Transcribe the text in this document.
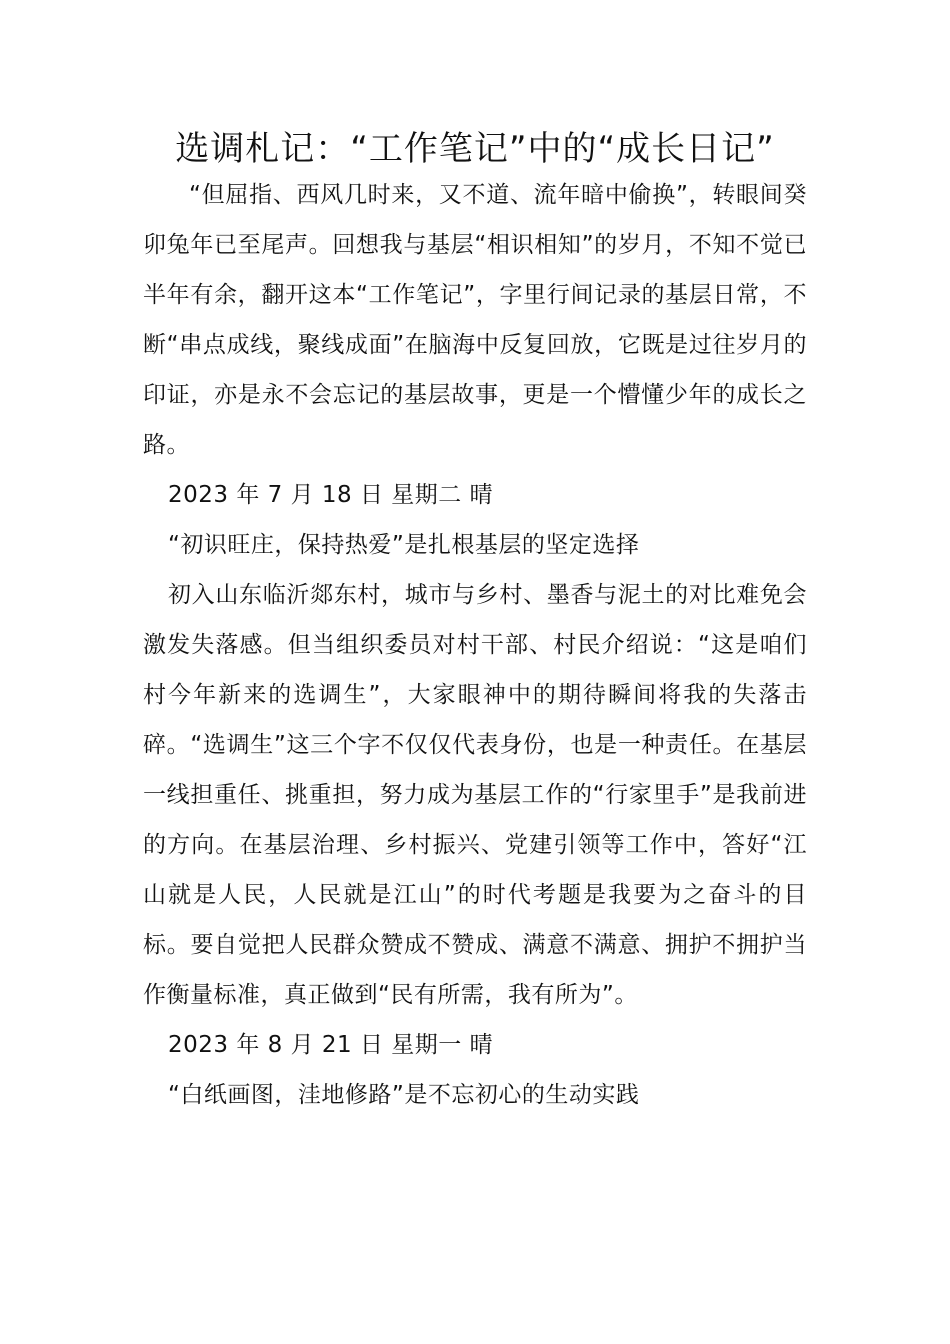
选调札记：“工作笔记”中的“成长日记”

“但屈指、西风几时来，又不道、流年暗中偷换”，转眼间癸卯兔年已至尾声。回想我与基层“相识相知”的岁月，不知不觉已半年有余，翻开这本“工作笔记”，字里行间记录的基层日常，不断“串点成线，聚线成面”在脑海中反复回放，它既是过往岁月的印证，亦是永不会忘记的基层故事，更是一个懵懂少年的成长之路。

2023 年 7 月 18 日 星期二 晴

“初识旺庄，保持热爱”是扎根基层的坚定选择

初入山东临沂郯东村，城市与乡村、墨香与泥土的对比难免会激发失落感。但当组织委员对村干部、村民介绍说：“这是咱们村今年新来的选调生”，大家眼神中的期待瞬间将我的失落击碎。“选调生”这三个字不仅仅代表身份，也是一种责任。在基层一线担重任、挑重担，努力成为基层工作的“行家里手”是我前进的方向。在基层治理、乡村振兴、党建引领等工作中，答好“江山就是人民，人民就是江山”的时代考题是我要为之奋斗的目标。要自觉把人民群众赞成不赞成、满意不满意、拥护不拥护当作衡量标准，真正做到“民有所需，我有所为”。

2023 年 8 月 21 日 星期一 晴

“白纸画图，洼地修路”是不忘初心的生动实践
